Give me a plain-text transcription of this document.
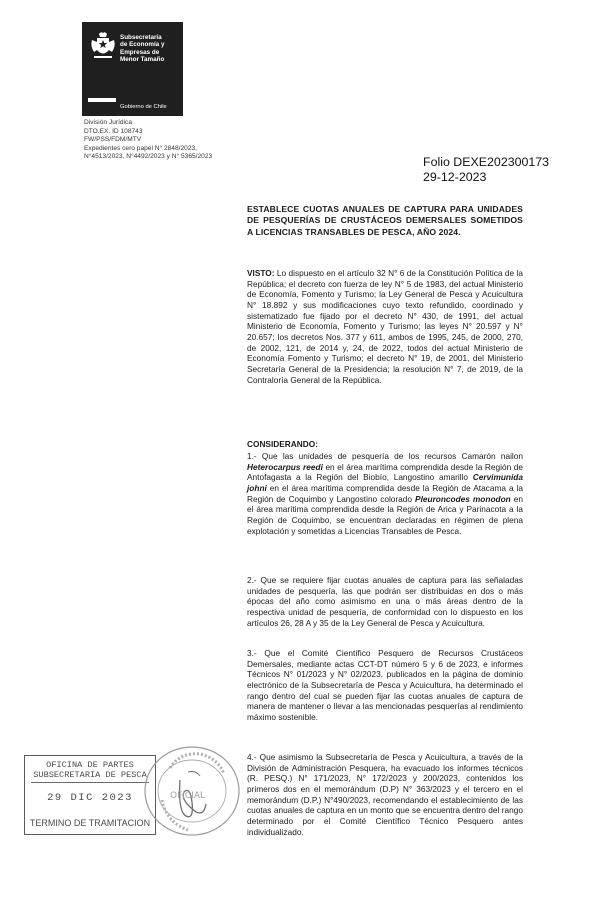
Subsecretaría
de Economía y
Empresas de
Menor Tamaño
Gobierno de Chile
División Jurídica
DTO.EX. ID 108743
FW/PSS/FDM/MTV
Expedientes cero papel N° 2848/2023,
N°4513/2023, N°4492/2023 y N° 5365/2023	Folio DEXE202300173
29-12-2023
ESTABLECE CUOTAS ANUALES DE CAPTURA PARA UNIDADES DE PESQUERÍAS DE CRUSTÁCEOS DEMERSALES SOMETIDOS A LICENCIAS TRANSABLES DE PESCA, AÑO 2024.
VISTO: Lo dispuesto en el artículo 32 N° 6 de la Constitución Política de la República; el decreto con fuerza de ley N° 5 de 1983, del actual Ministerio de Economía, Fomento y Turismo; la Ley General de Pesca y Acuicultura N° 18.892 y sus modificaciones cuyo texto refundido, coordinado y sistematizado fue fijado por el decreto N° 430, de 1991, del actual Ministerio de Economía, Fomento y Turismo; las leyes N° 20.597 y N° 20.657; los decretos Nos. 377 y 611, ambos de 1995, 245, de 2000, 270, de 2002, 121, de 2014 y, 24, de 2022, todos del actual Ministerio de Economía Fomento y Turismo; el decreto N° 19, de 2001, del Ministerio Secretaría General de la Presidencia; la resolución N° 7, de 2019, de la Contraloría General de la República.
CONSIDERANDO:
1.- Que las unidades de pesquería de los recursos Camarón nailon Heterocarpus reedi en el área marítima comprendida desde la Región de Antofagasta a la Región del Biobío, Langostino amarillo Cervimunida johni en el área marítima comprendida desde la Región de Atacama a la Región de Coquimbo y Langostino colorado Pleuroncodes monodon en el área marítima comprendida desde la Región de Arica y Parinacota a la Región de Coquimbo, se encuentran declaradas en régimen de plena explotación y sometidas a Licencias Transables de Pesca.
2.- Que se requiere fijar cuotas anuales de captura para las señaladas unidades de pesquería, las que podrán ser distribuidas en dos o más épocas del año como asimismo en una o más áreas dentro de la respectiva unidad de pesquería, de conformidad con lo dispuesto en los artículos 26, 28 A y 35 de la Ley General de Pesca y Acuicultura.
3.- Que el Comité Científico Pesquero de Recursos Crustáceos Demersales, mediante actas CCT-DT número 5 y 6 de 2023, e informes Técnicos N° 01/2023 y N° 02/2023, publicados en la página de dominio electrónico de la Subsecretaría de Pesca y Acuicultura, ha determinado el rango dentro del cual se pueden fijar las cuotas anuales de captura de manera de mantener o llevar a las mencionadas pesquerías al rendimiento máximo sostenible.
4.- Que asimismo la Subsecretaría de Pesca y Acuicultura, a través de la División de Administración Pesquera, ha evacuado los informes técnicos (R. PESQ.) N° 171/2023, N° 172/2023 y 200/2023, contenidos los primeros dos en el memorándum (D.P) N° 363/2023 y el tercero en el memorándum (D.P.) N°490/2023, recomendando el establecimiento de las cuotas anuales de captura en un monto que se encuentra dentro del rango determinado por el Comité Científico Técnico Pesquero antes individualizado.
OFICINA DE PARTES
SUBSECRETARIA DE PESCA
29 DIC 2023
TERMINO DE TRAMITACION
OFICIAL
